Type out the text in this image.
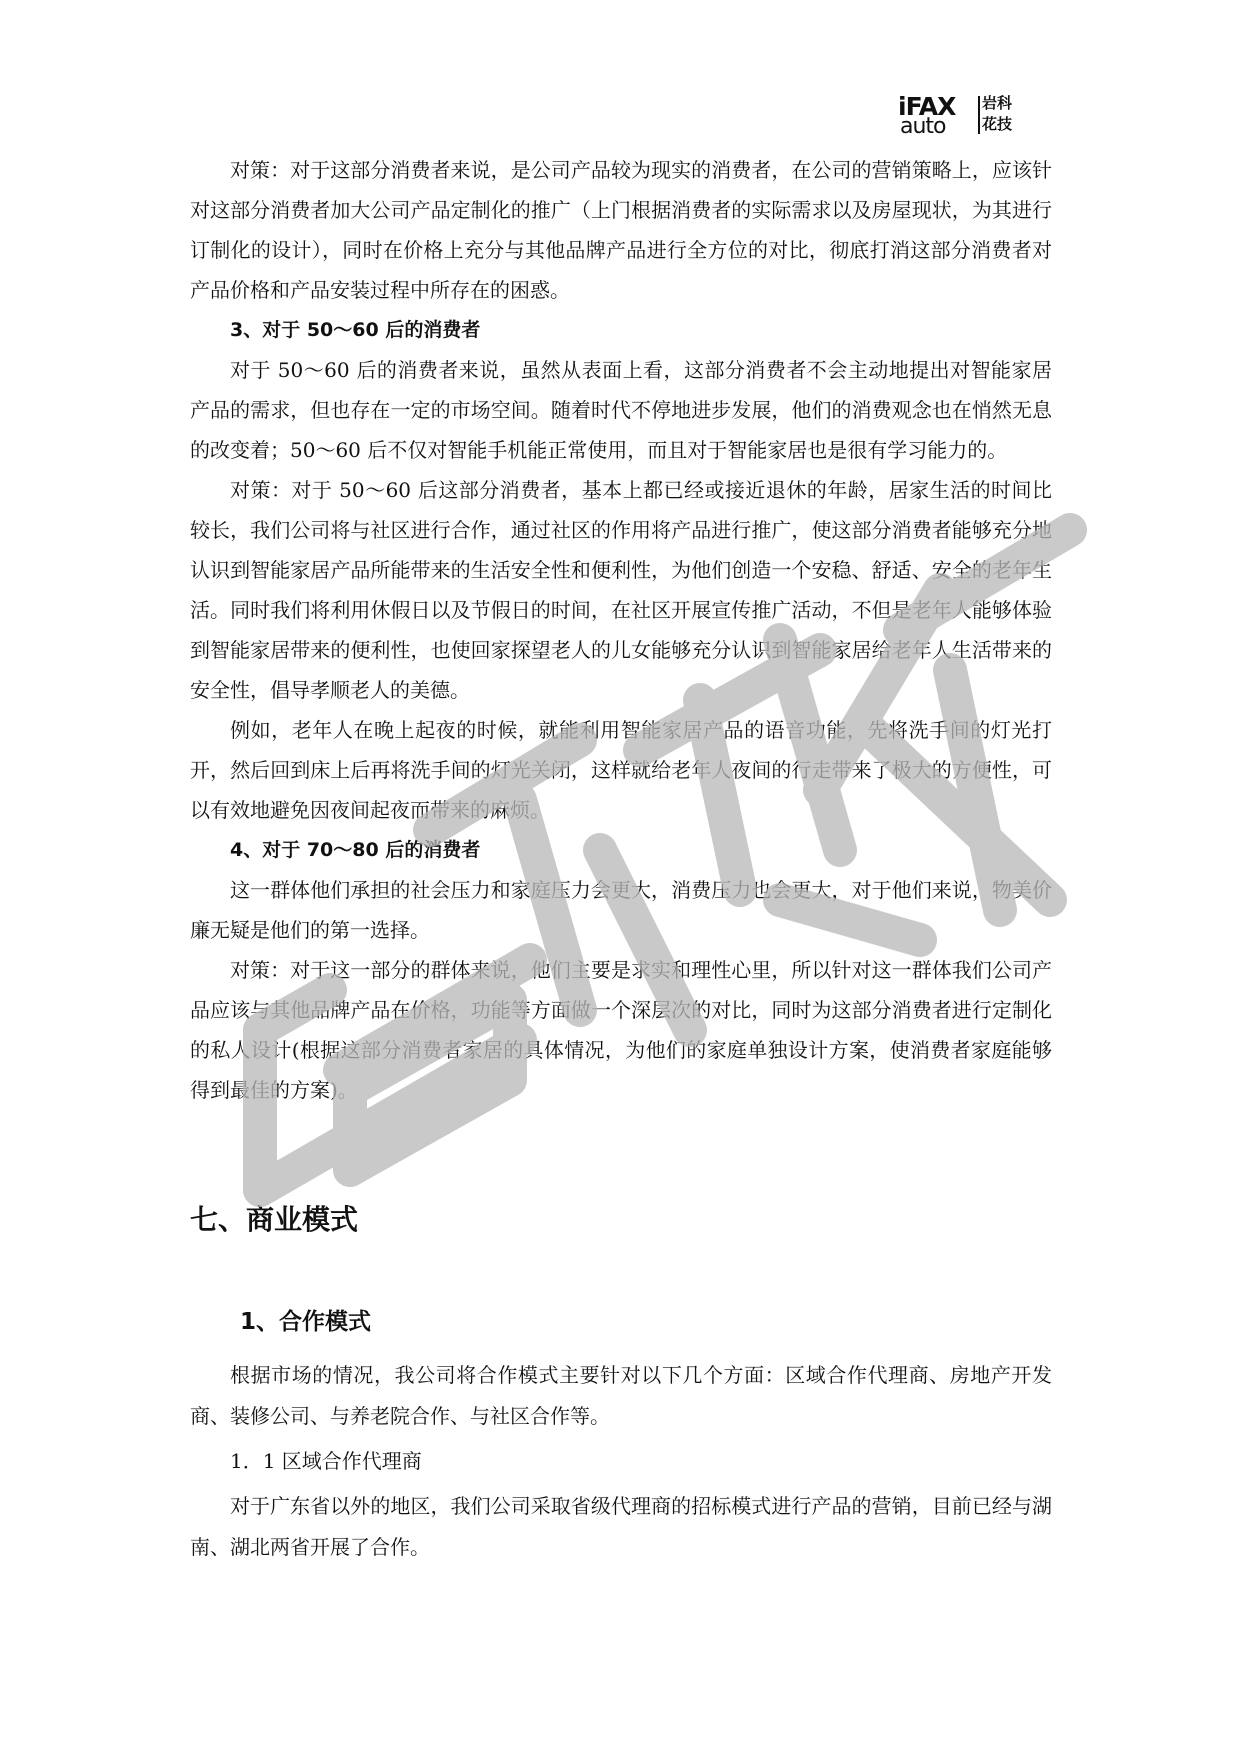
iFAX
auto
岩科
花技

对策：对于这部分消费者来说，是公司产品较为现实的消费者，在公司的营销策略上，应该针对这部分消费者加大公司产品定制化的推广（上门根据消费者的实际需求以及房屋现状，为其进行订制化的设计），同时在价格上充分与其他品牌产品进行全方位的对比，彻底打消这部分消费者对产品价格和产品安装过程中所存在的困惑。

3、对于 50～60 后的消费者

对于 50～60 后的消费者来说，虽然从表面上看，这部分消费者不会主动地提出对智能家居产品的需求，但也存在一定的市场空间。随着时代不停地进步发展，他们的消费观念也在悄然无息的改变着；50～60 后不仅对智能手机能正常使用，而且对于智能家居也是很有学习能力的。

对策：对于 50～60 后这部分消费者，基本上都已经或接近退休的年龄，居家生活的时间比较长，我们公司将与社区进行合作，通过社区的作用将产品进行推广，使这部分消费者能够充分地认识到智能家居产品所能带来的生活安全性和便利性，为他们创造一个安稳、舒适、安全的老年生活。同时我们将利用休假日以及节假日的时间，在社区开展宣传推广活动，不但是老年人能够体验到智能家居带来的便利性，也使回家探望老人的儿女能够充分认识到智能家居给老年人生活带来的安全性，倡导孝顺老人的美德。

例如，老年人在晚上起夜的时候，就能利用智能家居产品的语音功能，先将洗手间的灯光打开，然后回到床上后再将洗手间的灯光关闭，这样就给老年人夜间的行走带来了极大的方便性，可以有效地避免因夜间起夜而带来的麻烦。

4、对于 70～80 后的消费者

这一群体他们承担的社会压力和家庭压力会更大，消费压力也会更大，对于他们来说，物美价廉无疑是他们的第一选择。

对策：对于这一部分的群体来说，他们主要是求实和理性心里，所以针对这一群体我们公司产品应该与其他品牌产品在价格，功能等方面做一个深层次的对比，同时为这部分消费者进行定制化的私人设计(根据这部分消费者家居的具体情况，为他们的家庭单独设计方案，使消费者家庭能够得到最佳的方案)。

七、商业模式
1、合作模式

根据市场的情况，我公司将合作模式主要针对以下几个方面：区域合作代理商、房地产开发商、装修公司、与养老院合作、与社区合作等。

1．1 区域合作代理商

对于广东省以外的地区，我们公司采取省级代理商的招标模式进行产品的营销，目前已经与湖南、湖北两省开展了合作。
